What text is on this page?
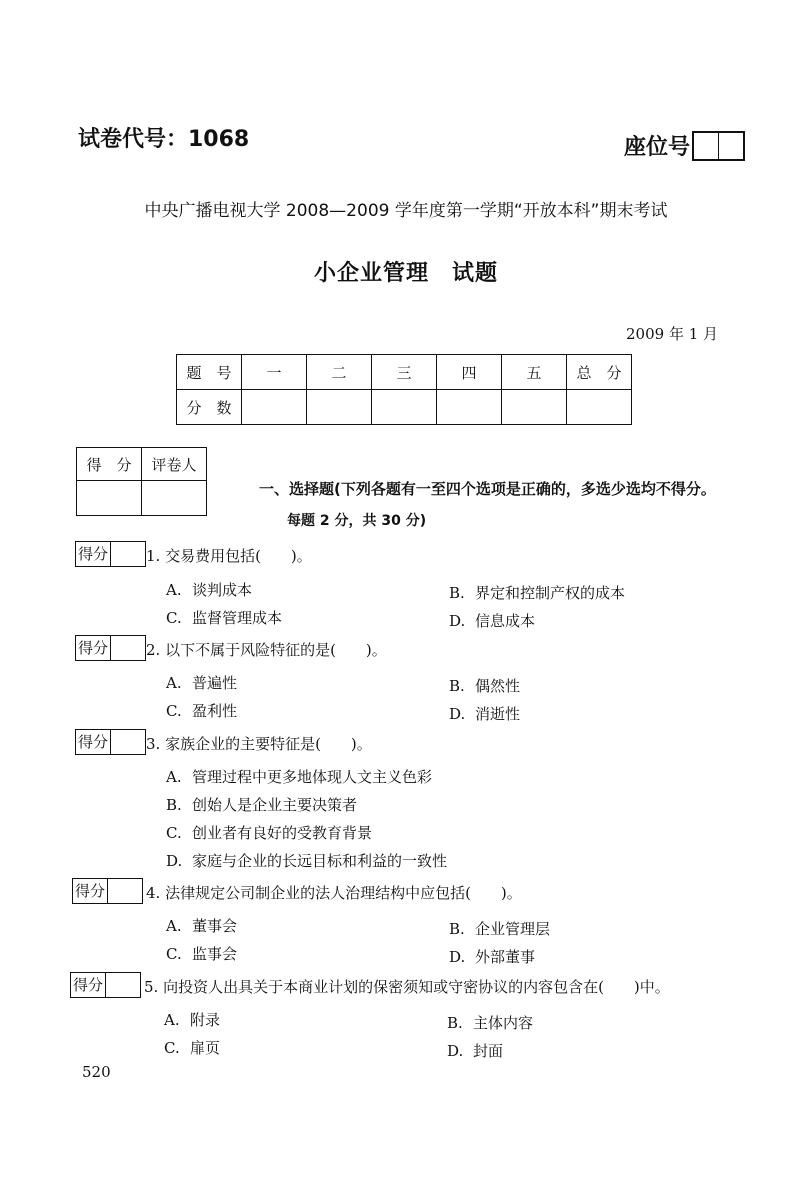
试卷代号：1068	座位号
中央广播电视大学 2008—2009 学年度第一学期“开放本科”期末考试
小企业管理　试题
2009 年 1 月
题　号	一	二	三	四	五	总　分
分　数						
得　分	评卷人

一、选择题(下列各题有一至四个选项是正确的，多选少选均不得分。
每题 2 分，共 30 分)
得分	1. 交易费用包括(　　)。
A. 谈判成本	B. 界定和控制产权的成本
C. 监督管理成本	D. 信息成本
得分	2. 以下不属于风险特征的是(　　)。
A. 普遍性	B. 偶然性
C. 盈利性	D. 消逝性
得分	3. 家族企业的主要特征是(　　)。
A. 管理过程中更多地体现人文主义色彩
B. 创始人是企业主要决策者
C. 创业者有良好的受教育背景
D. 家庭与企业的长远目标和利益的一致性
得分	4. 法律规定公司制企业的法人治理结构中应包括(　　)。
A. 董事会	B. 企业管理层
C. 监事会	D. 外部董事
得分	5. 向投资人出具关于本商业计划的保密须知或守密协议的内容包含在(　　)中。
A. 附录	B. 主体内容
C. 扉页	D. 封面
520
